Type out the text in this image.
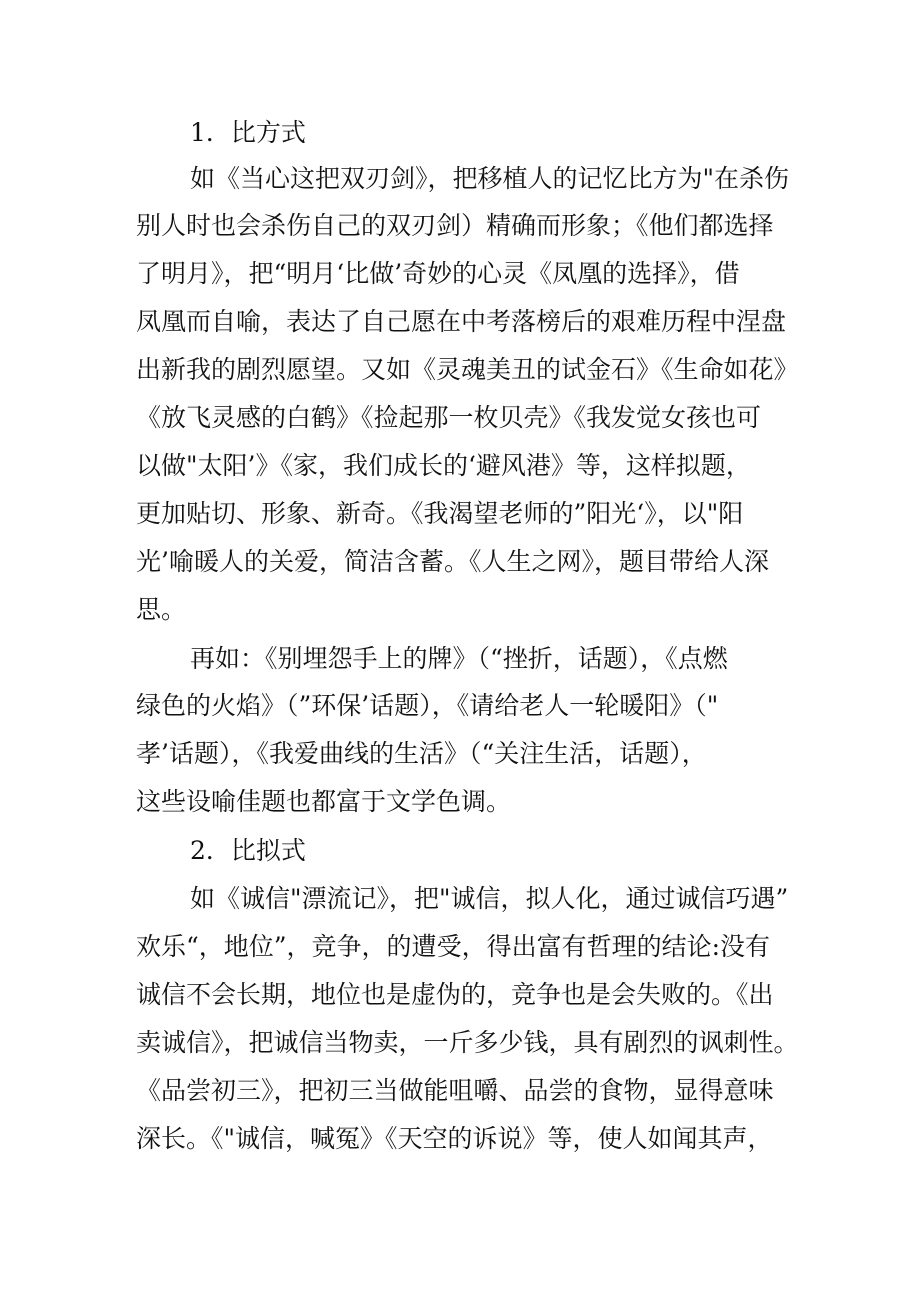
1．比方式
如《当心这把双刃剑》，把移植人的记忆比方为"在杀伤
别人时也会杀伤自己的双刃剑）精确而形象；《他们都选择
了明月》，把“明月‘比做’奇妙的心灵《凤凰的选择》，借
凤凰而自喻，表达了自己愿在中考落榜后的艰难历程中涅盘
出新我的剧烈愿望。又如《灵魂美丑的试金石》《生命如花》
《放飞灵感的白鹤》《捡起那一枚贝壳》《我发觉女孩也可
以做"太阳’》《家，我们成长的‘避风港》等，这样拟题，
更加贴切、形象、新奇。《我渴望老师的”阳光‘》，以"阳
光’喻暖人的关爱，简洁含蓄。《人生之网》，题目带给人深
思。
再如：《别埋怨手上的牌》（“挫折，话题），《点燃
绿色的火焰》（”环保’话题），《请给老人一轮暖阳》（"
孝’话题），《我爱曲线的生活》（“关注生活，话题），
这些设喻佳题也都富于文学色调。
2．比拟式
如《诚信"漂流记》，把"诚信，拟人化，通过诚信巧遇”
欢乐“，地位”，竞争，的遭受，得出富有哲理的结论:没有
诚信不会长期，地位也是虚伪的，竞争也是会失败的。《出
卖诚信》，把诚信当物卖，一斤多少钱，具有剧烈的讽刺性。
《品尝初三》，把初三当做能咀嚼、品尝的食物，显得意味
深长。《"诚信，喊冤》《天空的诉说》等，使人如闻其声，
